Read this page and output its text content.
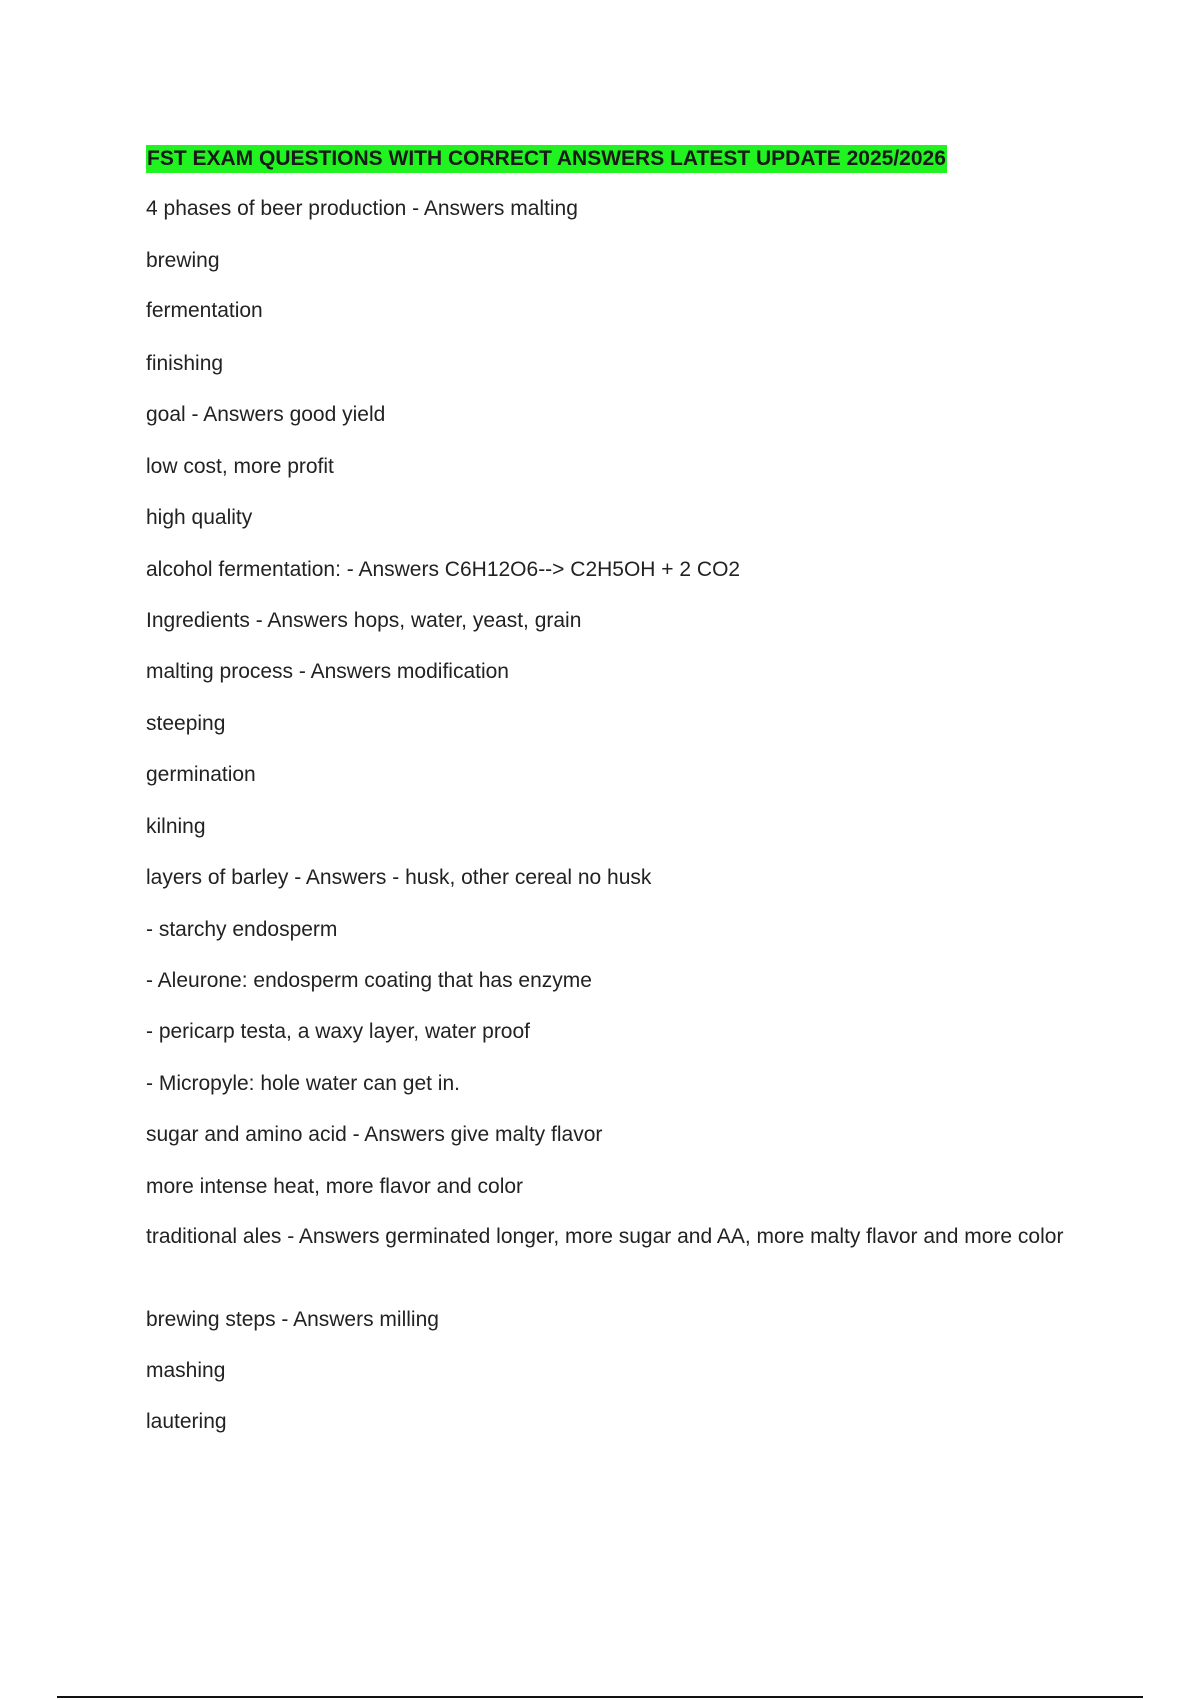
FST EXAM QUESTIONS WITH CORRECT ANSWERS LATEST UPDATE 2025/2026
4 phases of beer production - Answers malting
brewing
fermentation
finishing
goal - Answers good yield
low cost, more profit
high quality
alcohol fermentation: - Answers C6H12O6--> C2H5OH + 2 CO2
Ingredients - Answers hops, water, yeast, grain
malting process - Answers modification
steeping
germination
kilning
layers of barley - Answers - husk, other cereal no husk
- starchy endosperm
- Aleurone: endosperm coating that has enzyme
- pericarp testa, a waxy layer, water proof
- Micropyle: hole water can get in.
sugar and amino acid - Answers give malty flavor
more intense heat, more flavor and color
traditional ales - Answers germinated longer, more sugar and AA, more malty flavor and more color
brewing steps - Answers milling
mashing
lautering
